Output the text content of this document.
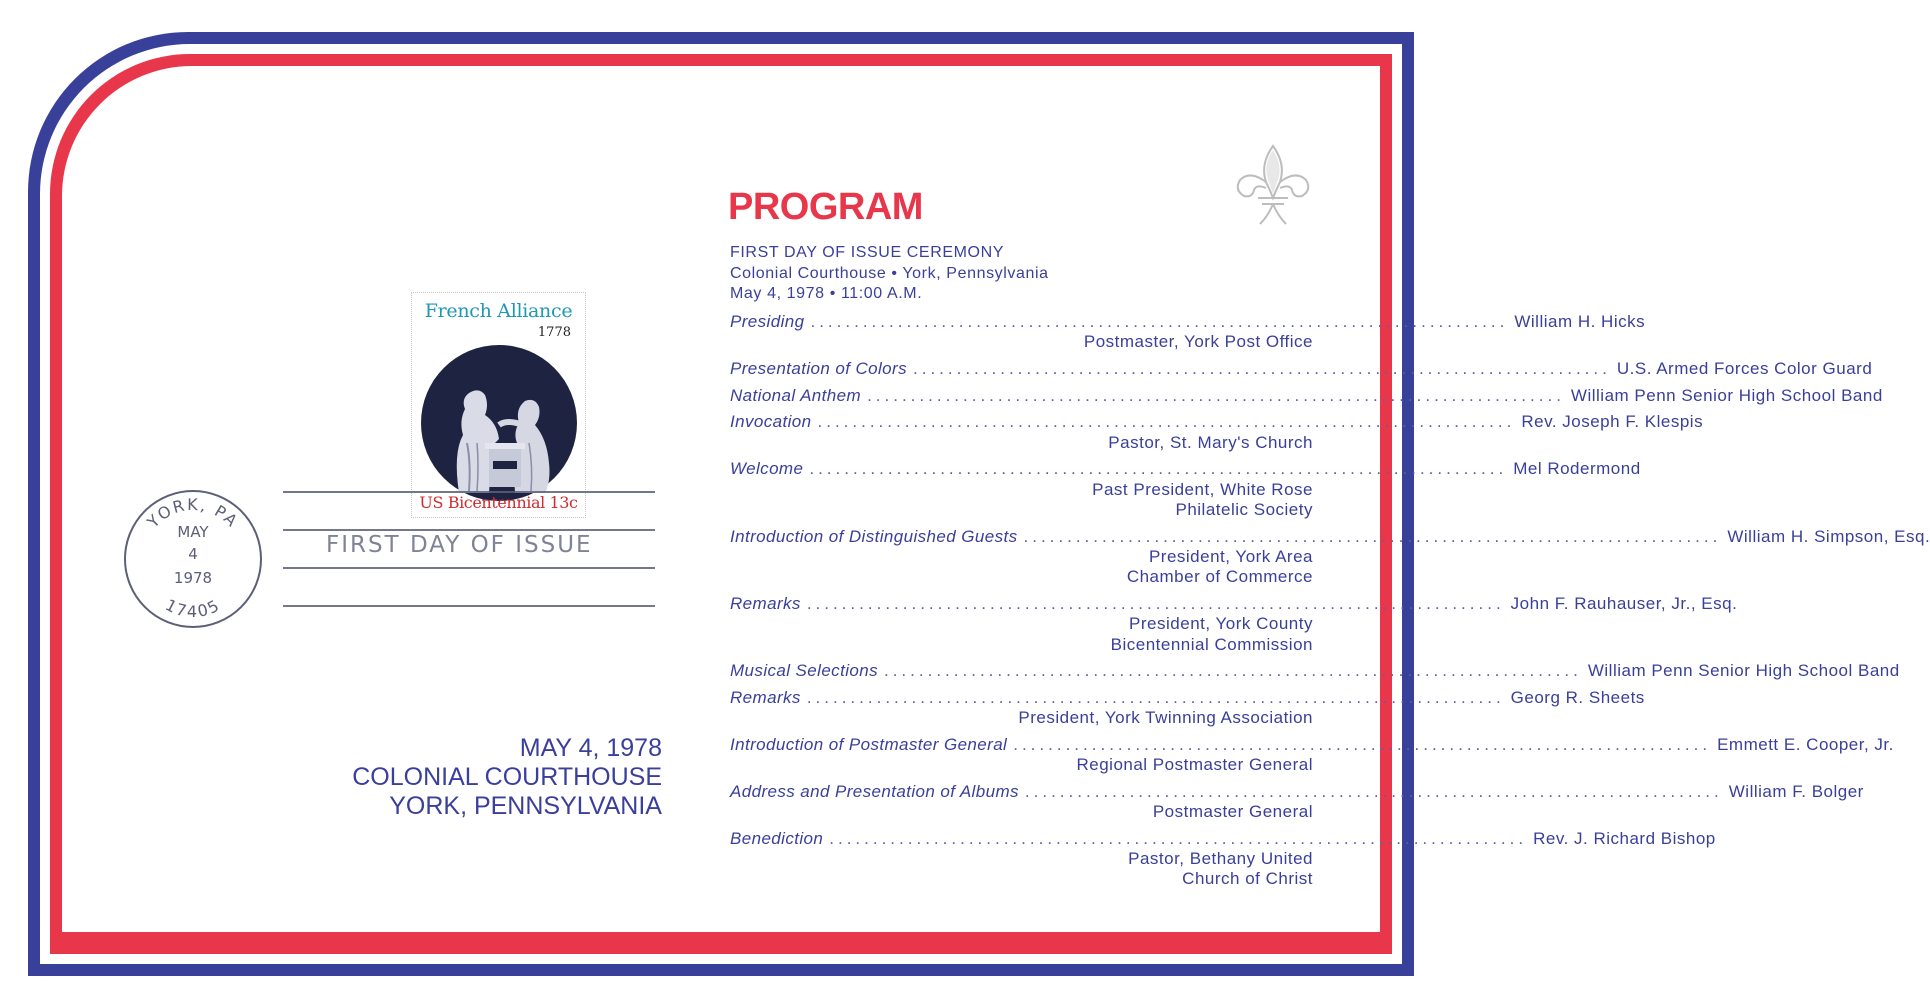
French Alliance
1778
US Bicentennial 13c
FIRST DAY OF ISSUE
YORK, PA
17405
MAY
4
1978
MAY 4, 1978
COLONIAL COURTHOUSE
YORK, PENNSYLVANIA
PROGRAM
FIRST DAY OF ISSUE CEREMONY
Colonial Courthouse • York, Pennsylvania
May 4, 1978 • 11:00 A.M.
Presiding ................................................................................ William H. Hicks
Postmaster, York Post Office
Presentation of Colors ................................................................................ U.S. Armed Forces Color Guard
National Anthem ................................................................................ William Penn Senior High School Band
Invocation ................................................................................ Rev. Joseph F. Klespis
Pastor, St. Mary's Church
Welcome ................................................................................ Mel Rodermond
Past President, White Rose
Philatelic Society
Introduction of Distinguished Guests ................................................................................ William H. Simpson, Esq.
President, York Area
Chamber of Commerce
Remarks ................................................................................ John F. Rauhauser, Jr., Esq.
President, York County
Bicentennial Commission
Musical Selections ................................................................................ William Penn Senior High School Band
Remarks ................................................................................ Georg R. Sheets
President, York Twinning Association
Introduction of Postmaster General ................................................................................ Emmett E. Cooper, Jr.
Regional Postmaster General
Address and Presentation of Albums ................................................................................ William F. Bolger
Postmaster General
Benediction ................................................................................ Rev. J. Richard Bishop
Pastor, Bethany United
Church of Christ
